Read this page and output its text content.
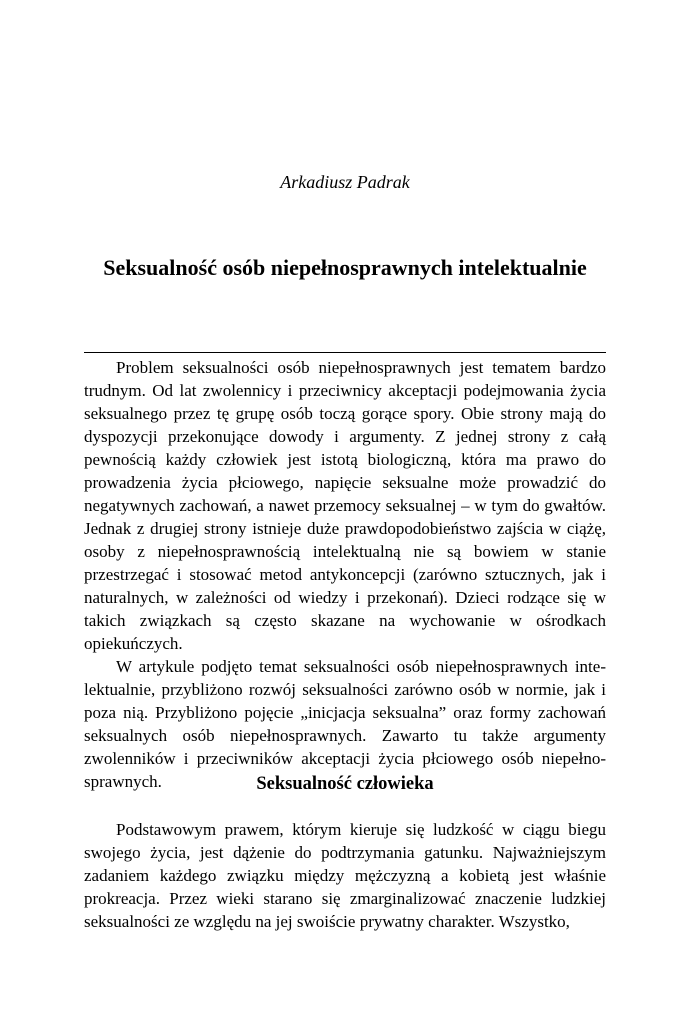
Arkadiusz Padrak
Seksualność osób niepełnosprawnych intelektualnie

Problem seksualności osób niepełnosprawnych jest tematem bardzo trudnym. Od lat zwolennicy i przeciwnicy akceptacji podejmowania życia seksualnego przez tę grupę osób toczą gorące spory. Obie strony mają do dyspozycji przekonujące dowody i argumenty. Z jednej strony z całą pewnością każdy człowiek jest istotą biologiczną, która ma prawo do prowadzenia życia płciowego, napięcie seksualne może prowadzić do negatywnych zachowań, a nawet przemocy seksualnej – w tym do gwałtów. Jednak z drugiej strony istnieje duże prawdopodobieństwo zajścia w ciążę, osoby z niepełnosprawnością intelektualną nie są bowiem w stanie przestrzegać i stosować metod antykoncepcji (zarówno sztucznych, jak i naturalnych, w zależności od wiedzy i przekonań). Dzieci rodzące się w takich związkach są często skazane na wychowanie w ośrodkach opiekuńczych.

W artykule podjęto temat seksualności osób niepełnosprawnych intelektualnie, przybliżono rozwój seksualności zarówno osób w normie, jak i poza nią. Przybliżono pojęcie „inicjacja seksualna” oraz formy zachowań seksualnych osób niepełnosprawnych. Zawarto tu także argumenty zwolenników i przeciwników akceptacji życia płciowego osób niepełnosprawnych.	Seksualność człowieka

Podstawowym prawem, którym kieruje się ludzkość w ciągu biegu swojego życia, jest dążenie do podtrzymania gatunku. Najważniejszym zadaniem każdego związku między mężczyzną a kobietą jest właśnie prokreacja. Przez wieki starano się zmarginalizować znaczenie ludzkiej seksualności ze względu na jej swoiście prywatny charakter. Wszystko,
